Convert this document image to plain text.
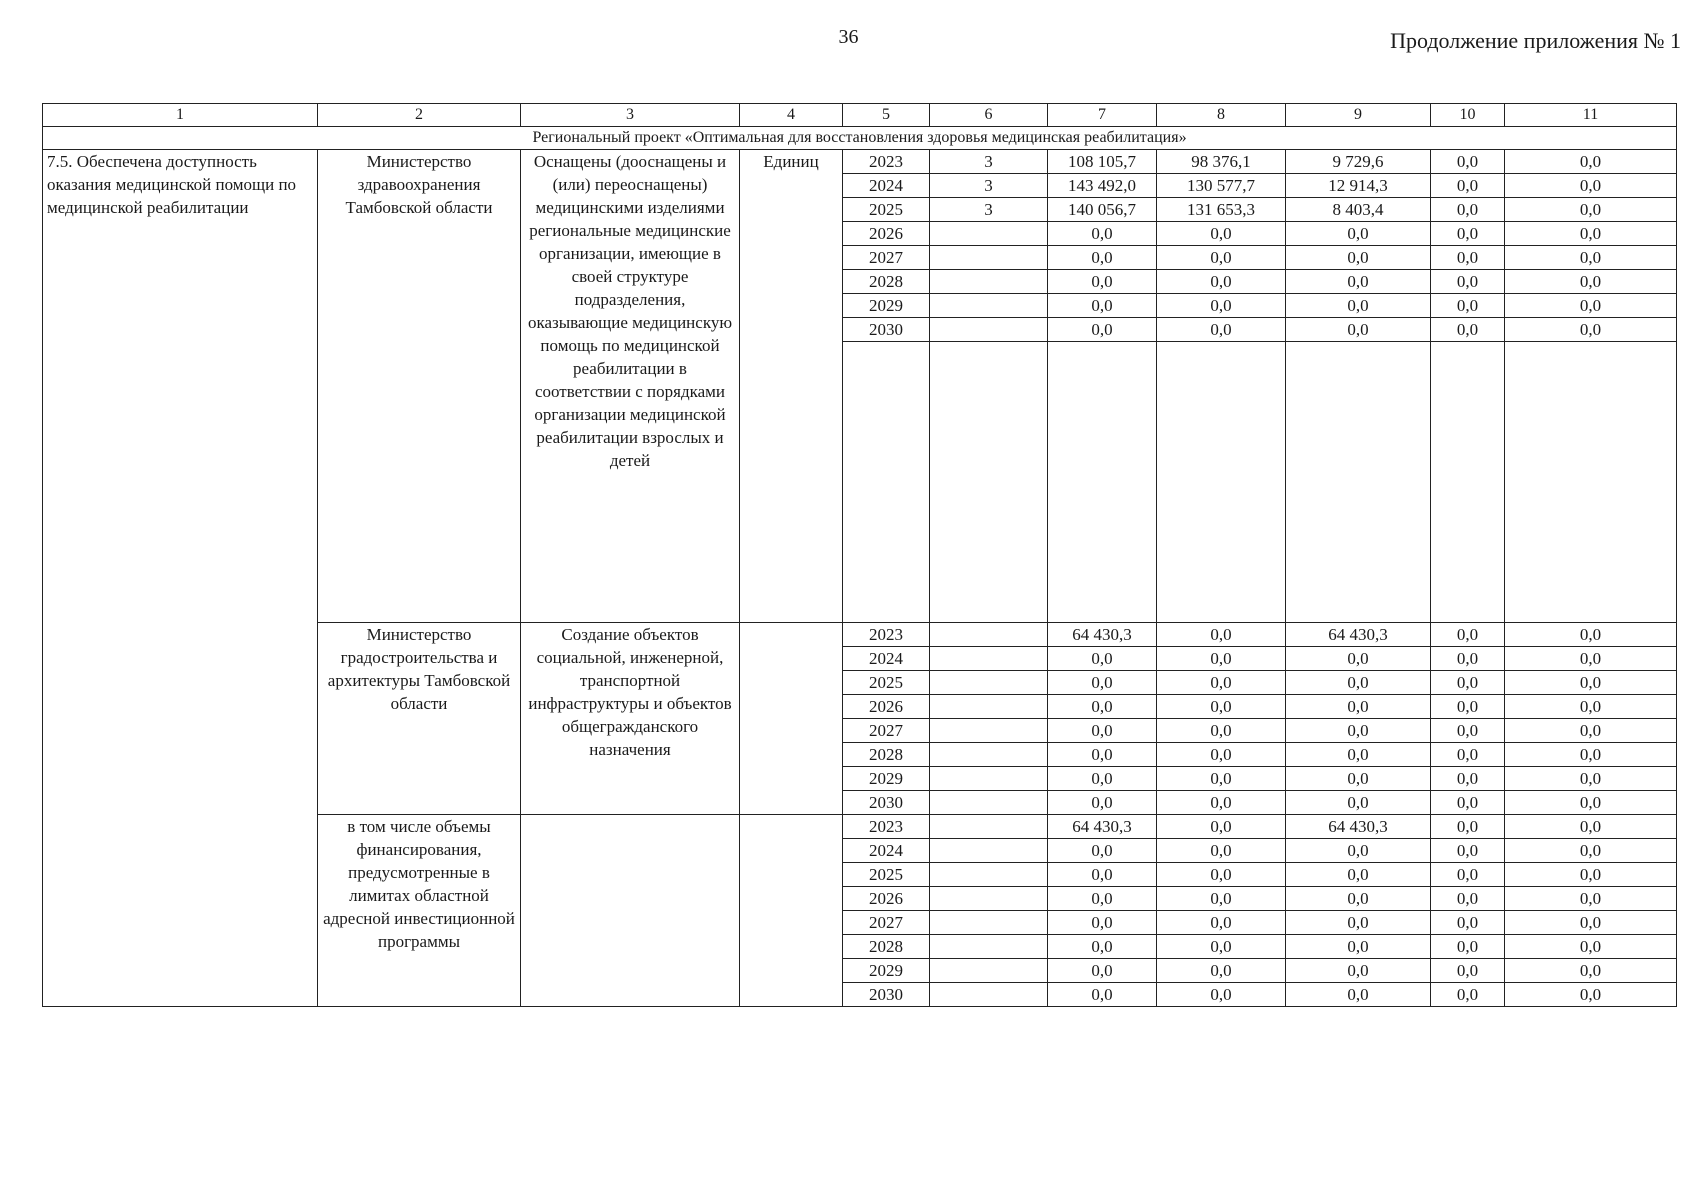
36	Продолжение приложения № 1
1	2	3	4	5	6	7	8	9	10	11
Региональный проект «Оптимальная для восстановления здоровья медицинская реабилитация»										
7.5. Обеспечена доступность оказания медицинской помощи по медицинской реабилитации	Министерство здравоохранения Тамбовской области	Оснащены (дооснащены и (или) переоснащены) медицинскими изделиями региональные медицинские организации, имеющие в своей структуре подразделения, оказывающие медицинскую помощь по медицинской реабилитации в соответствии с порядками организации медицинской реабилитации взрослых и детей	Единиц	2023	3	108 105,7	98 376,1	9 729,6	0,0	0,0
				2024	3	143 492,0	130 577,7	12 914,3	0,0	0,0
				2025	3	140 056,7	131 653,3	8 403,4	0,0	0,0
				2026		0,0	0,0	0,0	0,0	0,0
				2027		0,0	0,0	0,0	0,0	0,0
				2028		0,0	0,0	0,0	0,0	0,0
				2029		0,0	0,0	0,0	0,0	0,0
				2030		0,0	0,0	0,0	0,0	0,0

	Министерство градостроительства и архитектуры Тамбовской области	Создание объектов социальной, инженерной, транспортной инфраструктуры и объектов общегражданского назначения		2023		64 430,3	0,0	64 430,3	0,0	0,0
				2024		0,0	0,0	0,0	0,0	0,0
				2025		0,0	0,0	0,0	0,0	0,0
				2026		0,0	0,0	0,0	0,0	0,0
				2027		0,0	0,0	0,0	0,0	0,0
				2028		0,0	0,0	0,0	0,0	0,0
				2029		0,0	0,0	0,0	0,0	0,0
				2030		0,0	0,0	0,0	0,0	0,0
	в том числе объемы финансирования, предусмотренные в лимитах областной адресной инвестиционной программы			2023		64 430,3	0,0	64 430,3	0,0	0,0
				2024		0,0	0,0	0,0	0,0	0,0
				2025		0,0	0,0	0,0	0,0	0,0
				2026		0,0	0,0	0,0	0,0	0,0
				2027		0,0	0,0	0,0	0,0	0,0
				2028		0,0	0,0	0,0	0,0	0,0
				2029		0,0	0,0	0,0	0,0	0,0
				2030		0,0	0,0	0,0	0,0	0,0
